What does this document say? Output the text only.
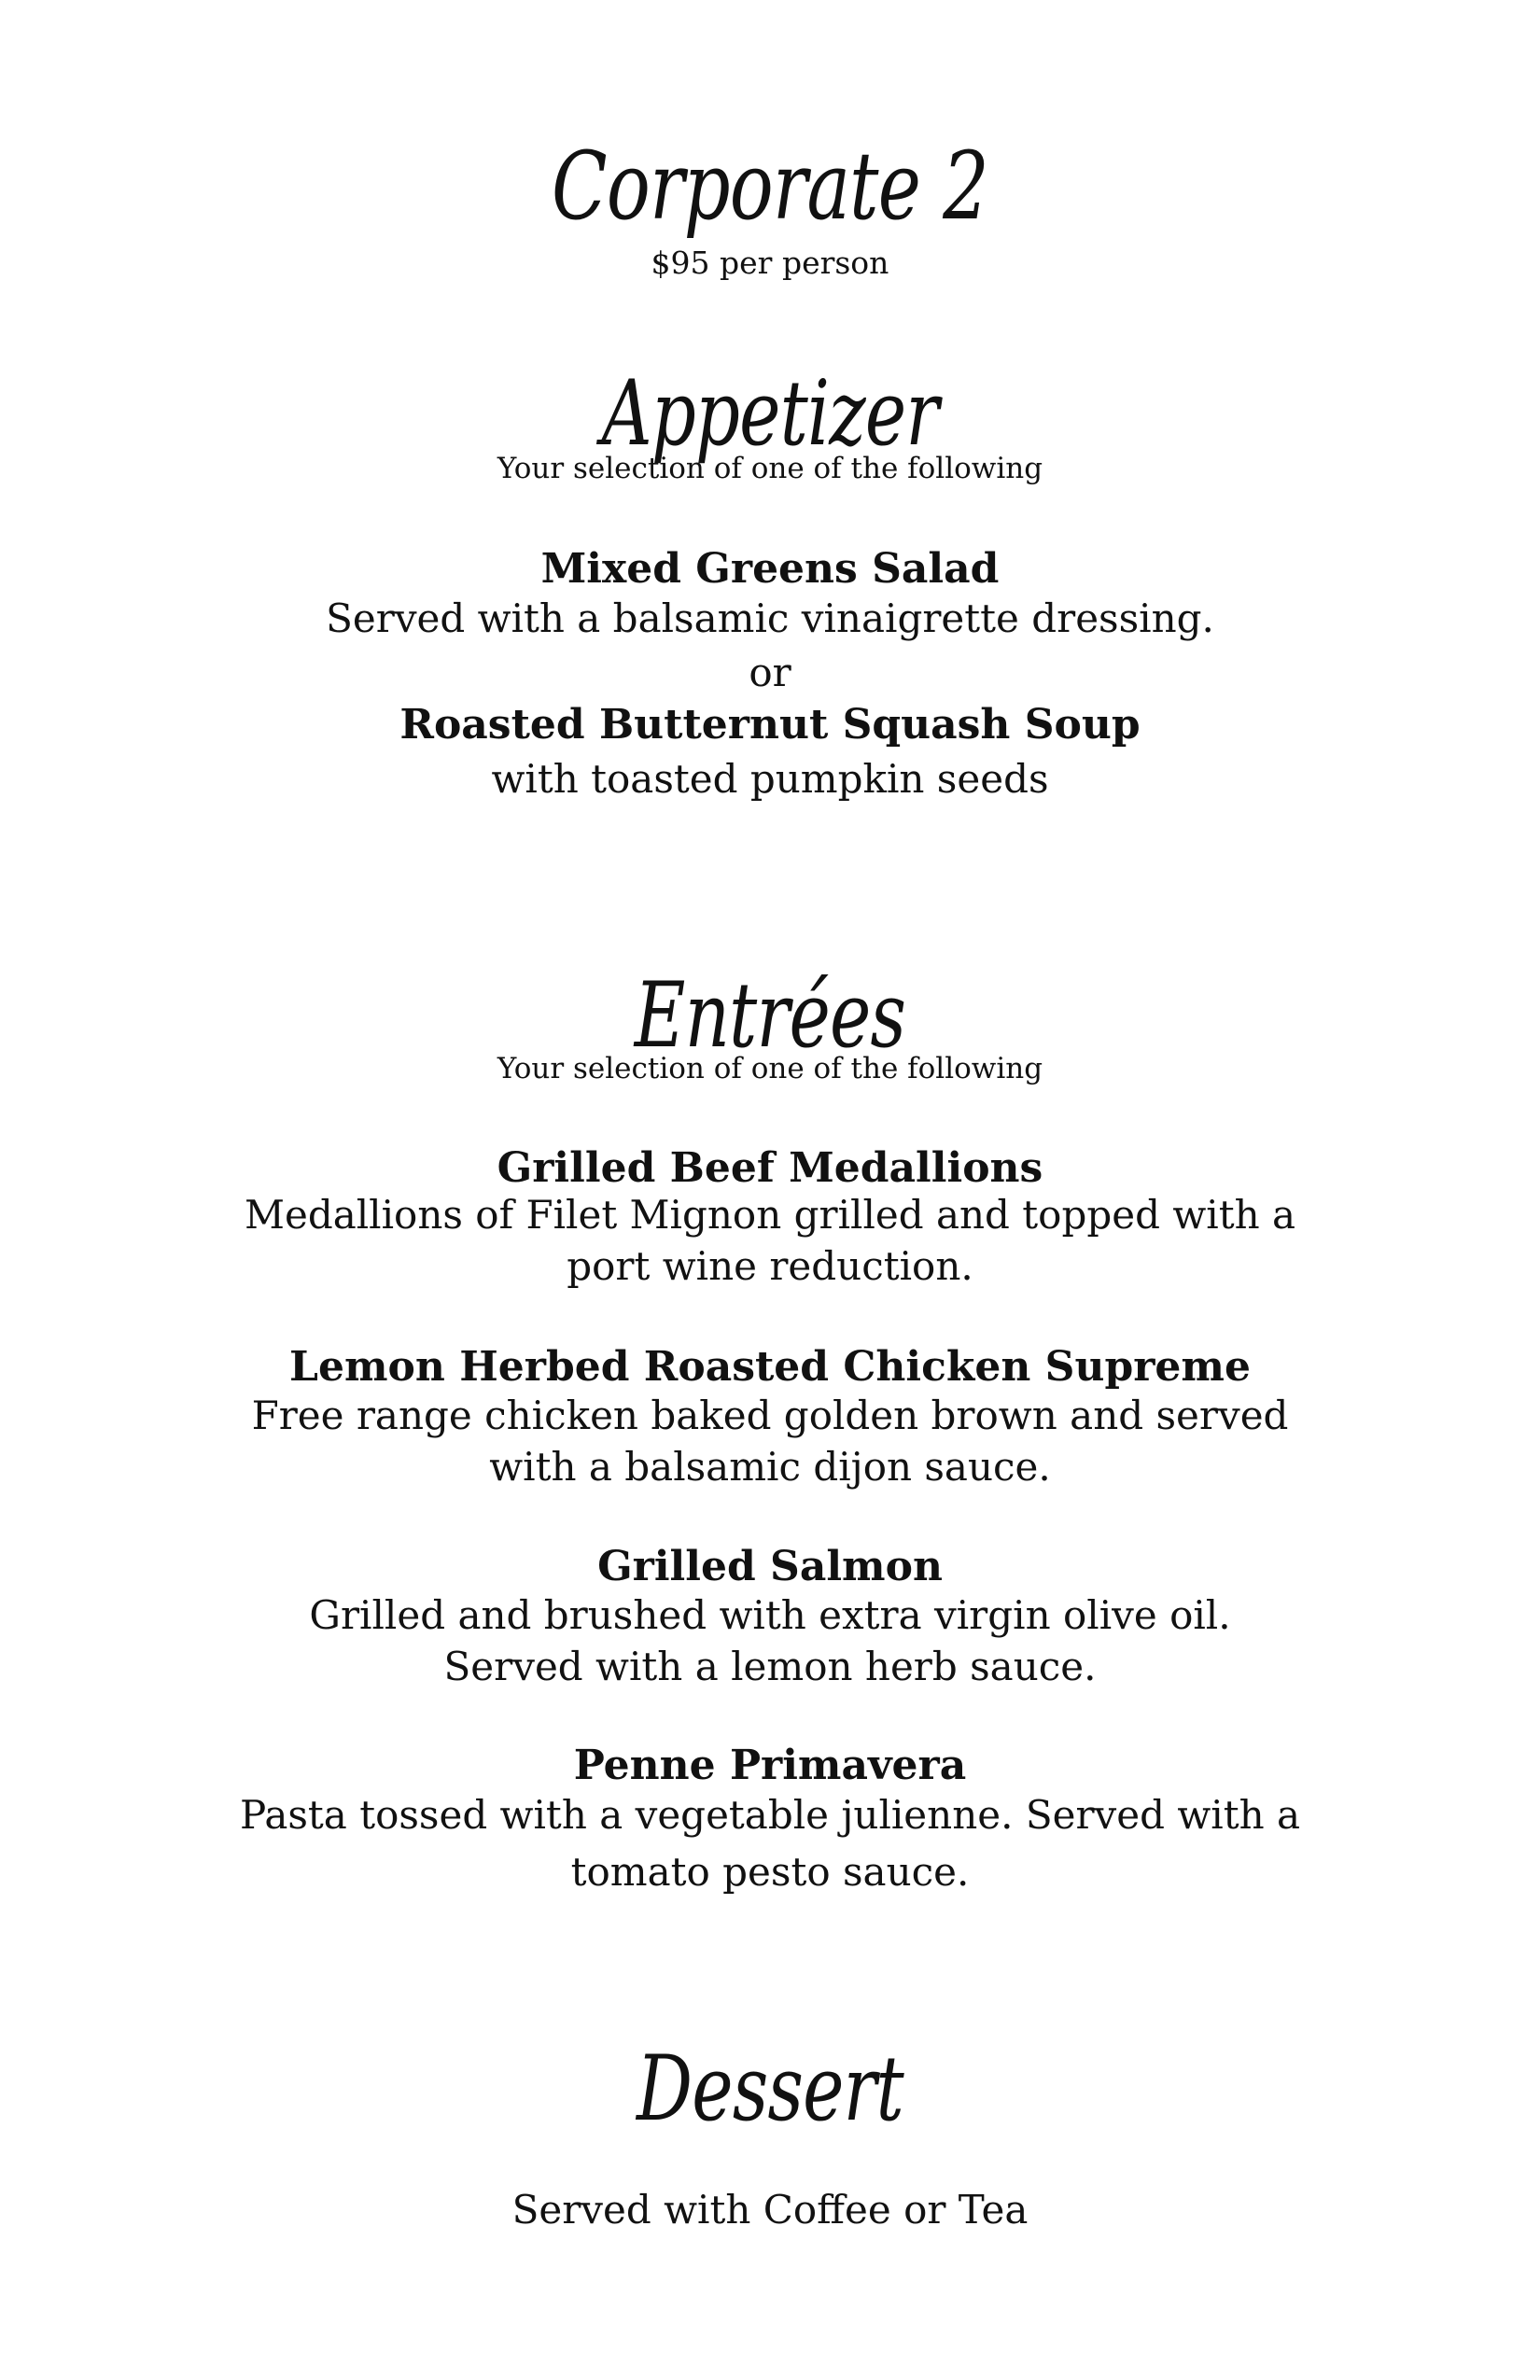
Corporate 2
$95 per person
Appetizer
Your selection of one of the following
Mixed Greens Salad
Served with a balsamic vinaigrette dressing.
or
Roasted Butternut Squash Soup
with toasted pumpkin seeds
Entrées
Your selection of one of the following
Grilled Beef Medallions
Medallions of Filet Mignon grilled and topped with a
port wine reduction.
Lemon Herbed Roasted Chicken Supreme
Free range chicken baked golden brown and served
with a balsamic dijon sauce.
Grilled Salmon
Grilled and brushed with extra virgin olive oil.
Served with a lemon herb sauce.
Penne Primavera
Pasta tossed with a vegetable julienne. Served with a
tomato pesto sauce.
Dessert
Served with Coffee or Tea
